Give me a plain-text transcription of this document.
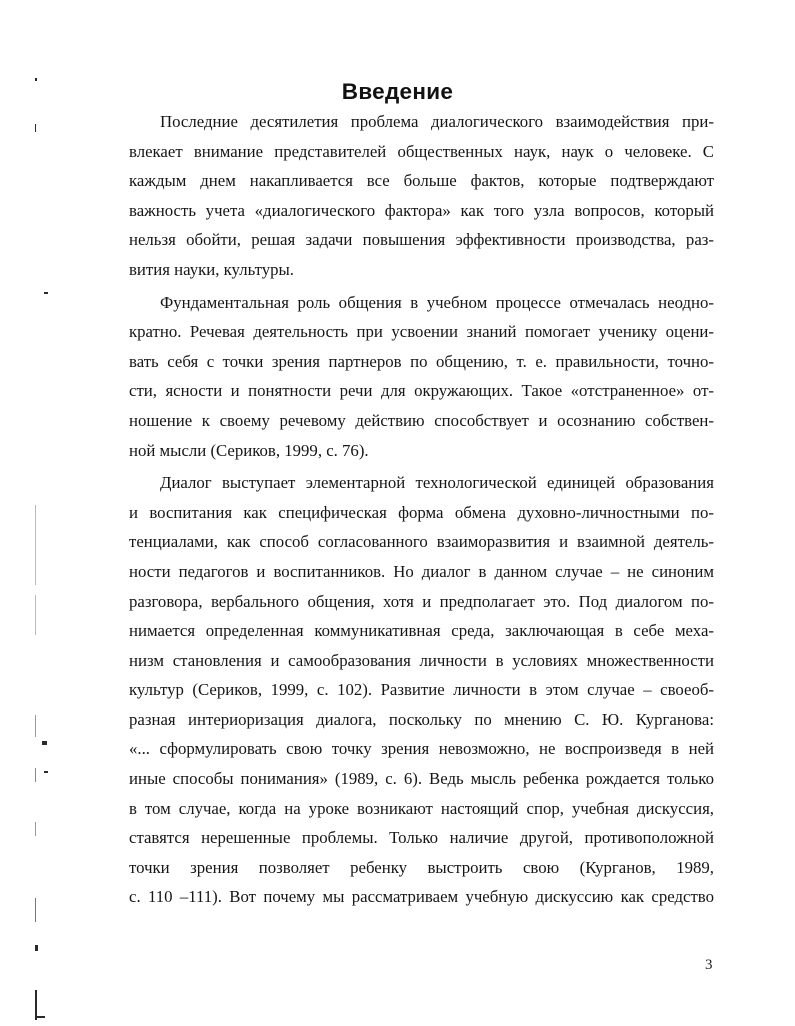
Введение
Последние десятилетия проблема диалогического взаимодействия при-
влекает внимание представителей общественных наук, наук о человеке. С
каждым днем накапливается все больше фактов, которые подтверждают
важность учета «диалогического фактора» как того узла вопросов, который
нельзя обойти, решая задачи повышения эффективности производства, раз-
вития науки, культуры.
Фундаментальная роль общения в учебном процессе отмечалась неодно-
кратно. Речевая деятельность при усвоении знаний помогает ученику оцени-
вать себя с точки зрения партнеров по общению, т. е. правильности, точно-
сти, ясности и понятности речи для окружающих. Такое «отстраненное» от-
ношение к своему речевому действию способствует и осознанию собствен-
ной мысли (Сериков, 1999, с. 76).
Диалог выступает элементарной технологической единицей образования
и воспитания как специфическая форма обмена духовно-личностными по-
тенциалами, как способ согласованного взаиморазвития и взаимной деятель-
ности педагогов и воспитанников. Но диалог в данном случае – не синоним
разговора, вербального общения, хотя и предполагает это. Под диалогом по-
нимается определенная коммуникативная среда, заключающая в себе меха-
низм становления и самообразования личности в условиях множественности
культур (Сериков, 1999, с. 102). Развитие личности в этом случае – своеоб-
разная интериоризация диалога, поскольку по мнению С. Ю. Курганова:
«... сформулировать свою точку зрения невозможно, не воспроизведя в ней
иные способы понимания» (1989, с. 6). Ведь мысль ребенка рождается только
в том случае, когда на уроке возникают настоящий спор, учебная дискуссия,
ставятся нерешенные проблемы. Только наличие другой, противоположной
точки зрения позволяет ребенку выстроить свою (Курганов, 1989,
с. 110 –111). Вот почему мы рассматриваем учебную дискуссию как средство
3
